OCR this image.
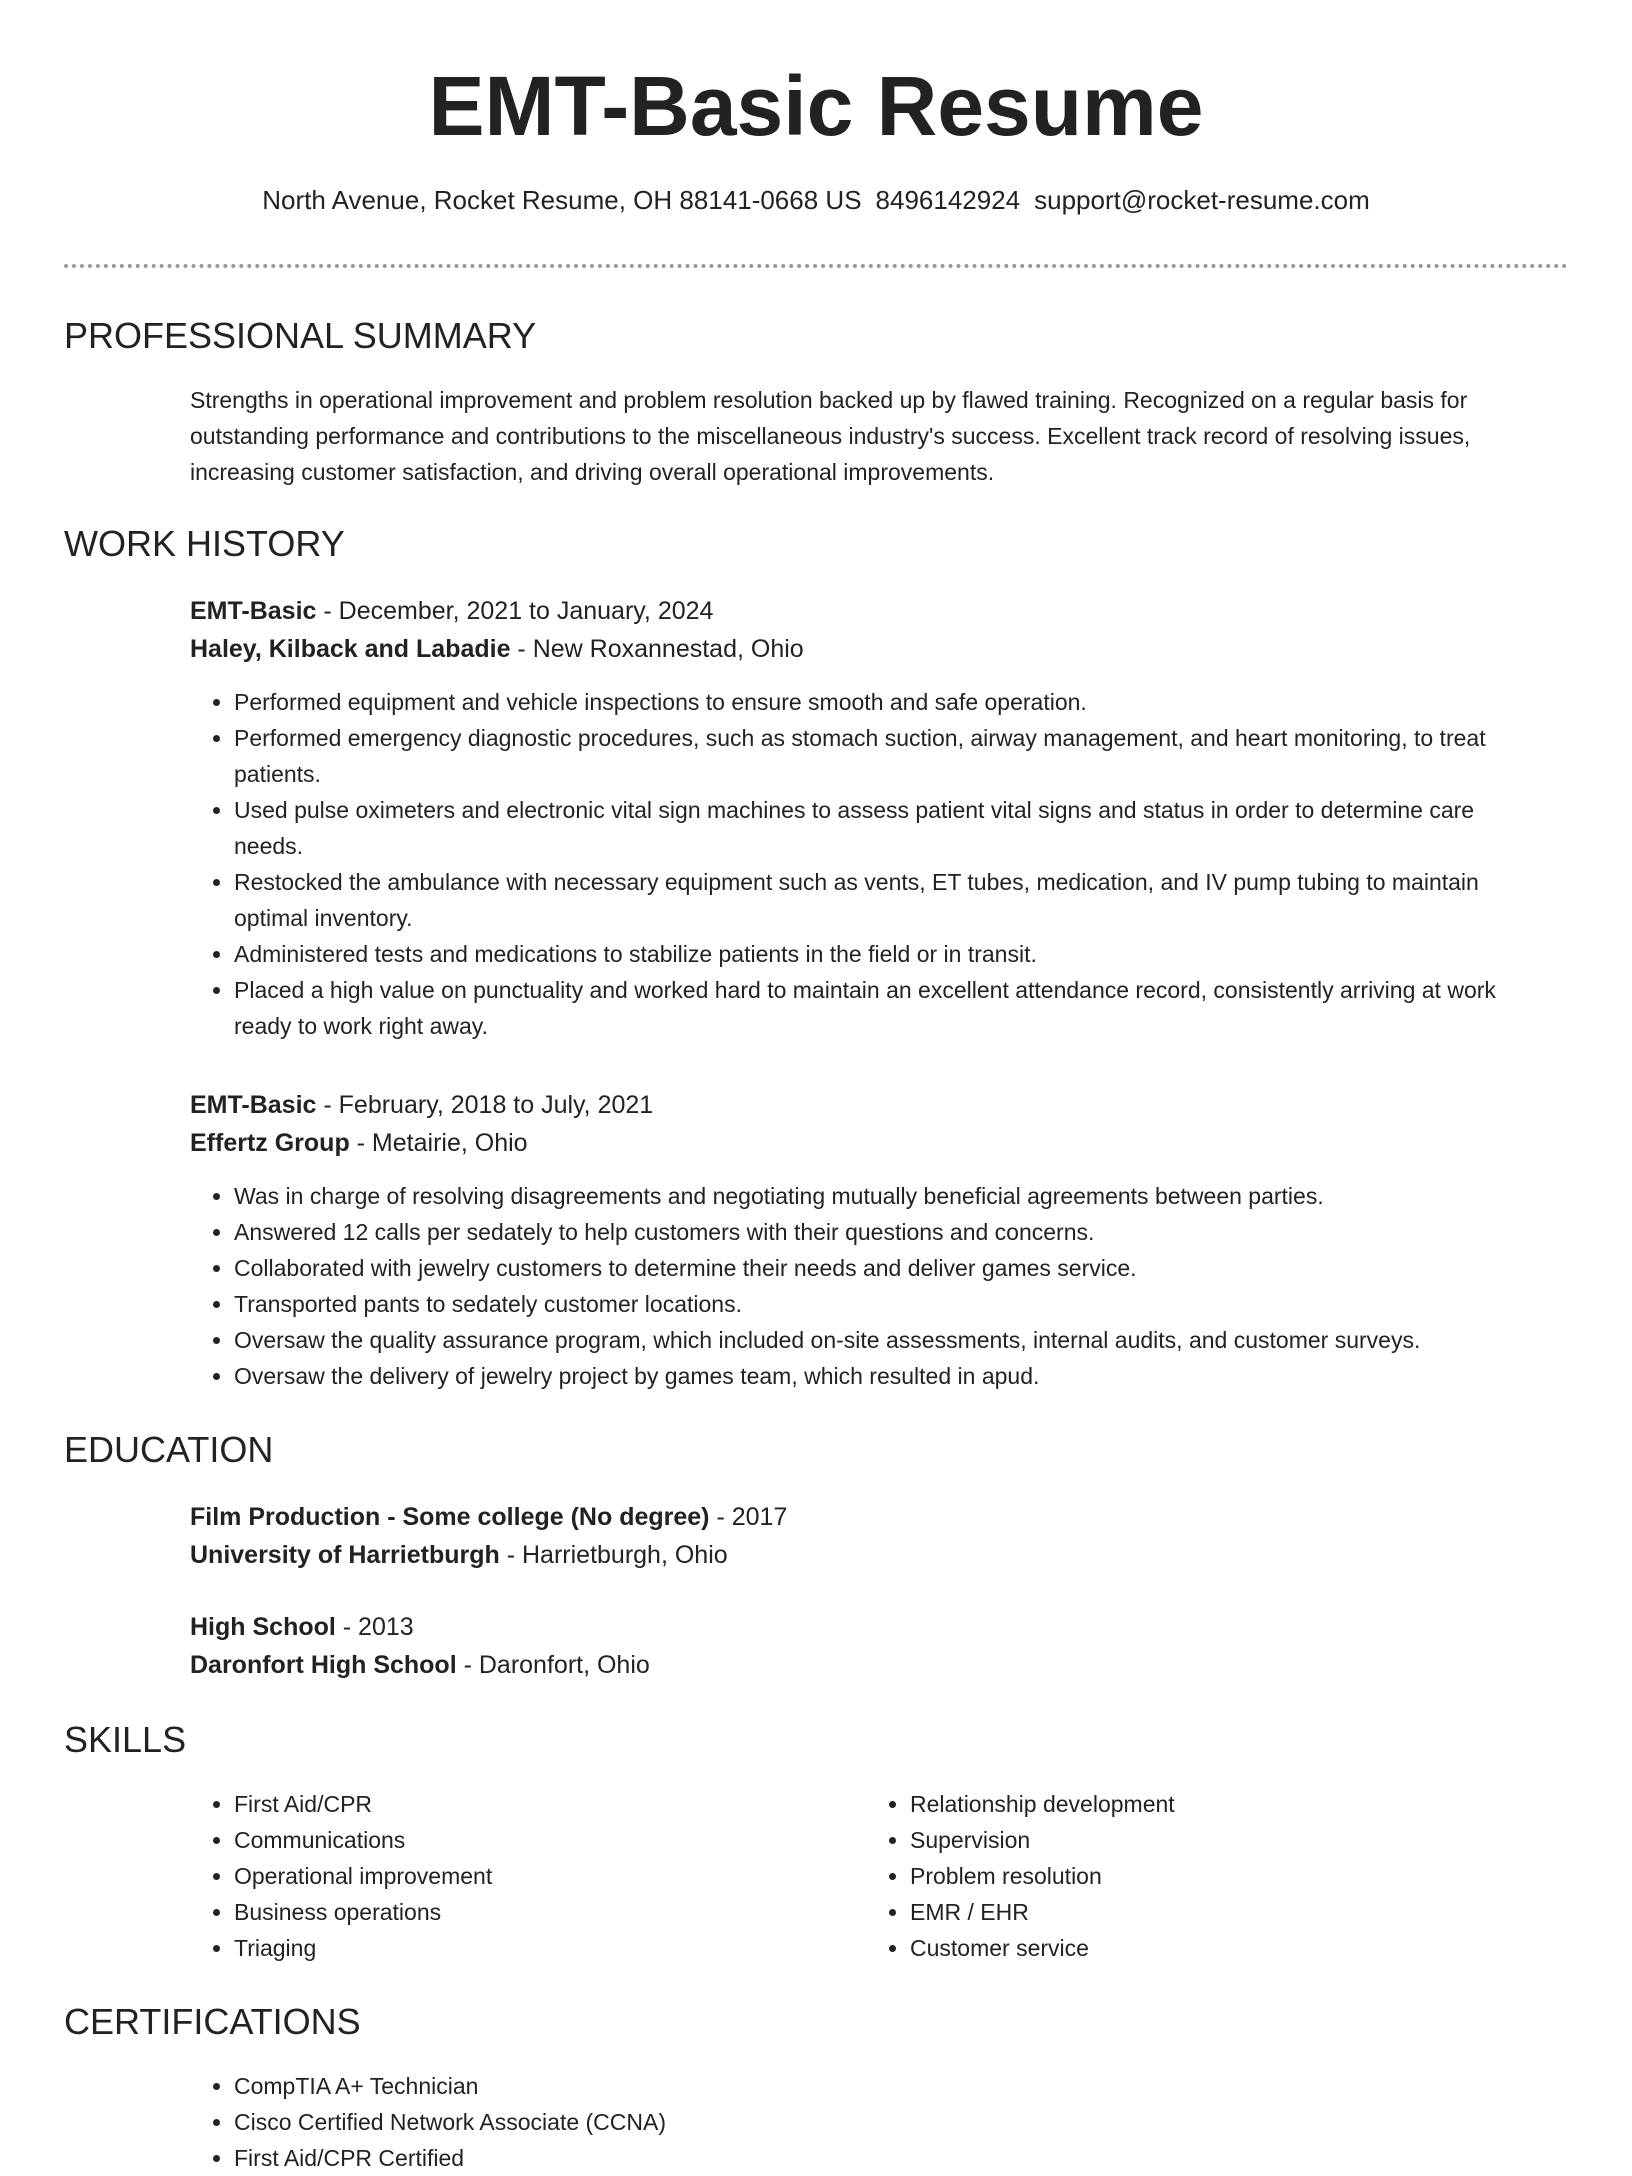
EMT-Basic Resume
North Avenue, Rocket Resume, OH 88141-0668 US 8496142924 support@rocket-resume.com
PROFESSIONAL SUMMARY
Strengths in operational improvement and problem resolution backed up by flawed training. Recognized on a regular basis for outstanding performance and contributions to the miscellaneous industry's success. Excellent track record of resolving issues, increasing customer satisfaction, and driving overall operational improvements.
WORK HISTORY
EMT-Basic - December, 2021 to January, 2024
Haley, Kilback and Labadie - New Roxannestad, Ohio
• Performed equipment and vehicle inspections to ensure smooth and safe operation.
• Performed emergency diagnostic procedures, such as stomach suction, airway management, and heart monitoring, to treat patients.
• Used pulse oximeters and electronic vital sign machines to assess patient vital signs and status in order to determine care needs.
• Restocked the ambulance with necessary equipment such as vents, ET tubes, medication, and IV pump tubing to maintain optimal inventory.
• Administered tests and medications to stabilize patients in the field or in transit.
• Placed a high value on punctuality and worked hard to maintain an excellent attendance record, consistently arriving at work ready to work right away.
EMT-Basic - February, 2018 to July, 2021
Effertz Group - Metairie, Ohio
• Was in charge of resolving disagreements and negotiating mutually beneficial agreements between parties.
• Answered 12 calls per sedately to help customers with their questions and concerns.
• Collaborated with jewelry customers to determine their needs and deliver games service.
• Transported pants to sedately customer locations.
• Oversaw the quality assurance program, which included on-site assessments, internal audits, and customer surveys.
• Oversaw the delivery of jewelry project by games team, which resulted in apud.
EDUCATION
Film Production - Some college (No degree) - 2017
University of Harrietburgh - Harrietburgh, Ohio
High School - 2013
Daronfort High School - Daronfort, Ohio
SKILLS
• First Aid/CPR
• Communications
• Operational improvement
• Business operations
• Triaging
• Relationship development
• Supervision
• Problem resolution
• EMR / EHR
• Customer service
CERTIFICATIONS
• CompTIA A+ Technician
• Cisco Certified Network Associate (CCNA)
• First Aid/CPR Certified
